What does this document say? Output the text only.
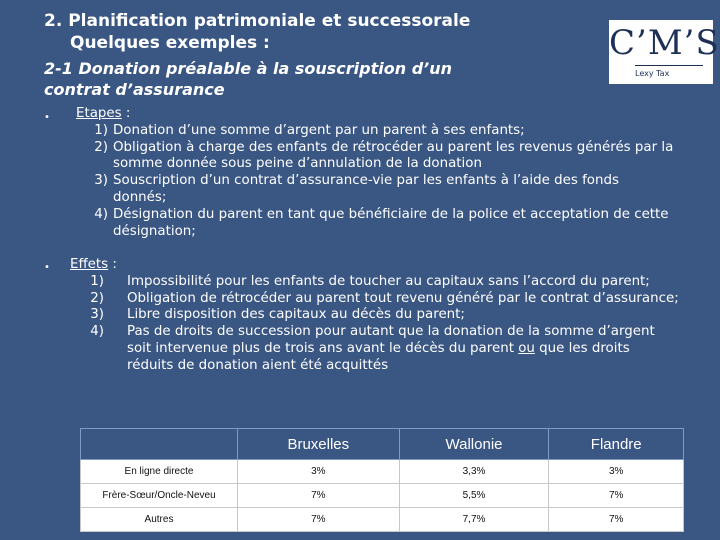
2. Planification patrimoniale et successorale
Quelques exemples :
2-1 Donation préalable à la souscription d’un
contrat d’assurance
C’M’S
Lexy Tax
• Etapes :
1) Donation d’une somme d’argent par un parent à ses enfants;
2) Obligation à charge des enfants de rétrocéder au parent les revenus générés par la somme donnée sous peine d’annulation de la donation
3) Souscription d’un contrat d’assurance-vie par les enfants à l’aide des fonds donnés;
4) Désignation du parent en tant que bénéficiaire de la police et acceptation de cette désignation;
• Effets :
1)	Impossibilité pour les enfants de toucher au capitaux sans l’accord du parent;
2)	Obligation de rétrocéder au parent tout revenu généré par le contrat d’assurance;
3)	Libre disposition des capitaux au décès du parent;
4)	Pas de droits de succession pour autant que la donation de la somme d’argent soit intervenue plus de trois ans avant le décès du parent ou que les droits réduits de donation aient été acquittés
	Bruxelles	Wallonie	Flandre
En ligne directe	3%	3,3%	3%
Frère-Sœur/Oncle-Neveu	7%	5,5%	7%
Autres	7%	7,7%	7%
